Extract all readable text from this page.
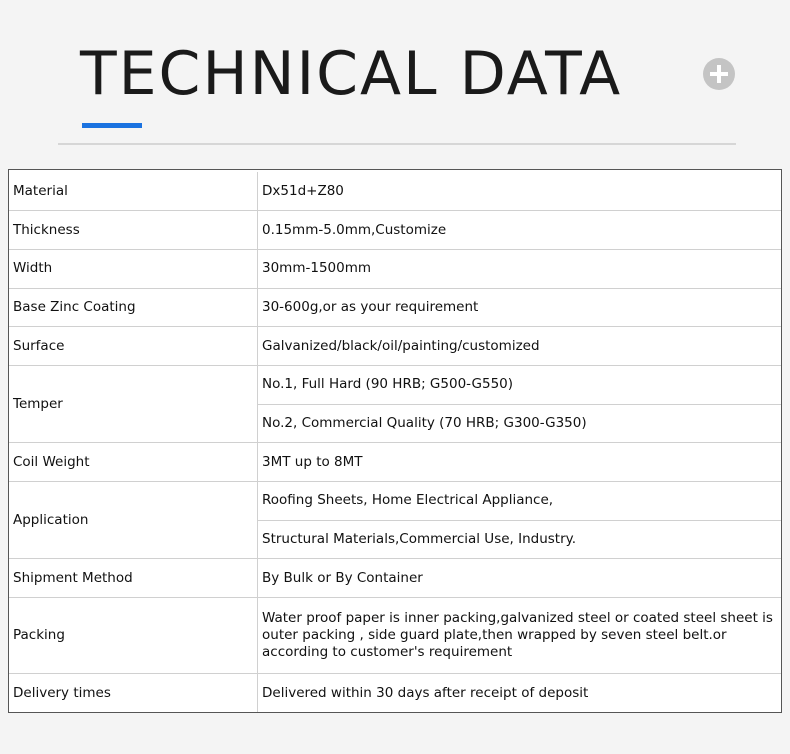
TECHNICAL DATA
Material	Dx51d+Z80
Thickness	0.15mm-5.0mm,Customize
Width	30mm-1500mm
Base Zinc Coating	30-600g,or as your requirement
Surface	Galvanized/black/oil/painting/customized
Temper	No.1, Full Hard (90 HRB; G500-G550)
	No.2, Commercial Quality (70 HRB; G300-G350)
Coil Weight	3MT up to 8MT
Application	Roofing Sheets, Home Electrical Appliance,
	Structural Materials,Commercial Use, Industry.
Shipment Method	By Bulk or By Container
Packing	Water proof paper is inner packing,galvanized steel or coated steel sheet is outer packing , side guard plate,then wrapped by seven steel belt.or according to customer's requirement
Delivery times	Delivered within 30 days after receipt of deposit
